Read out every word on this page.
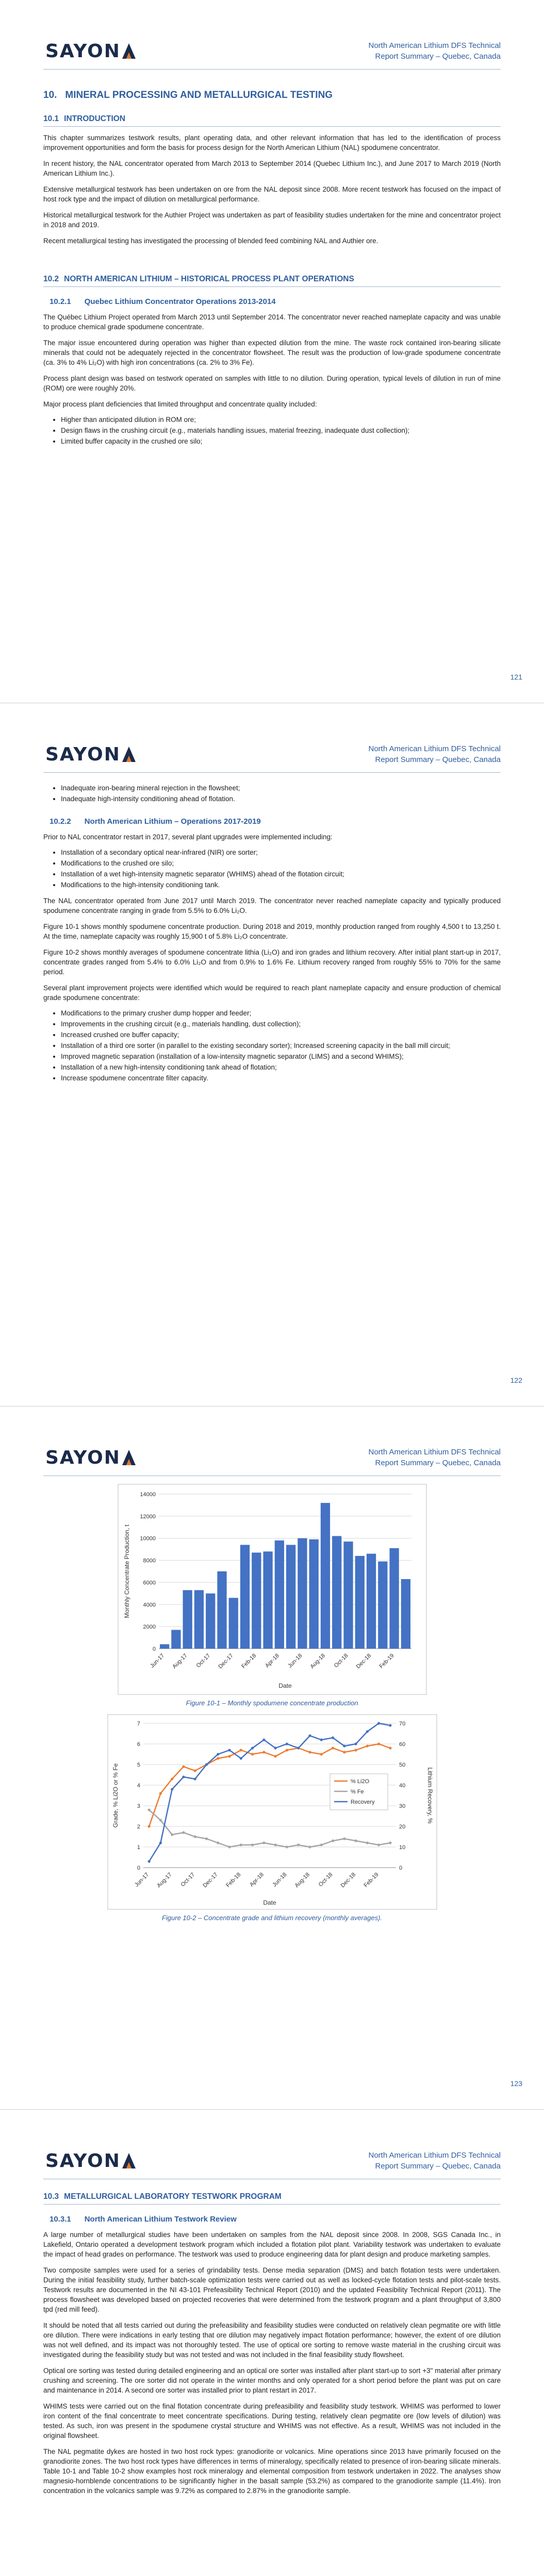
SAYON	North American Lithium DFS Technical
Report Summary – Quebec, Canada
10. MINERAL PROCESSING AND METALLURGICAL TESTING
10.1 INTRODUCTION

This chapter summarizes testwork results, plant operating data, and other relevant information that has led to the identification of process improvement opportunities and form the basis for process design for the North American Lithium (NAL) spodumene concentrator.

In recent history, the NAL concentrator operated from March 2013 to September 2014 (Quebec Lithium Inc.), and June 2017 to March 2019 (North American Lithium Inc.).

Extensive metallurgical testwork has been undertaken on ore from the NAL deposit since 2008. More recent testwork has focused on the impact of host rock type and the impact of dilution on metallurgical performance.

Historical metallurgical testwork for the Authier Project was undertaken as part of feasibility studies undertaken for the mine and concentrator project in 2018 and 2019.

Recent metallurgical testing has investigated the processing of blended feed combining NAL and Authier ore.

10.2 NORTH AMERICAN LITHIUM – HISTORICAL PROCESS PLANT OPERATIONS
10.2.1 Quebec Lithium Concentrator Operations 2013-2014

The Québec Lithium Project operated from March 2013 until September 2014. The concentrator never reached nameplate capacity and was unable to produce chemical grade spodumene concentrate.

The major issue encountered during operation was higher than expected dilution from the mine. The waste rock contained iron-bearing silicate minerals that could not be adequately rejected in the concentrator flowsheet. The result was the production of low-grade spodumene concentrate (ca. 3% to 4% Li₂O) with high iron concentrations (ca. 2% to 3% Fe).

Process plant design was based on testwork operated on samples with little to no dilution. During operation, typical levels of dilution in run of mine (ROM) ore were roughly 20%.

Major process plant deficiencies that limited throughput and concentrate quality included:

• Higher than anticipated dilution in ROM ore;
• Design flaws in the crushing circuit (e.g., materials handling issues, material freezing, inadequate dust collection);
• Limited buffer capacity in the crushed ore silo;
121
SAYON	North American Lithium DFS Technical
Report Summary – Quebec, Canada
• Inadequate iron-bearing mineral rejection in the flowsheet;
• Inadequate high-intensity conditioning ahead of flotation.
10.2.2 North American Lithium – Operations 2017-2019

Prior to NAL concentrator restart in 2017, several plant upgrades were implemented including:

• Installation of a secondary optical near-infrared (NIR) ore sorter;
• Modifications to the crushed ore silo;
• Installation of a wet high-intensity magnetic separator (WHIMS) ahead of the flotation circuit;
• Modifications to the high-intensity conditioning tank.

The NAL concentrator operated from June 2017 until March 2019. The concentrator never reached nameplate capacity and typically produced spodumene concentrate ranging in grade from 5.5% to 6.0% Li₂O.

Figure 10-1 shows monthly spodumene concentrate production. During 2018 and 2019, monthly production ranged from roughly 4,500 t to 13,250 t. At the time, nameplate capacity was roughly 15,900 t of 5.8% Li₂O concentrate.

Figure 10-2 shows monthly averages of spodumene concentrate lithia (Li₂O) and iron grades and lithium recovery. After initial plant start-up in 2017, concentrate grades ranged from 5.4% to 6.0% Li₂O and from 0.9% to 1.6% Fe. Lithium recovery ranged from roughly 55% to 70% for the same period.

Several plant improvement projects were identified which would be required to reach plant nameplate capacity and ensure production of chemical grade spodumene concentrate:

• Modifications to the primary crusher dump hopper and feeder;
• Improvements in the crushing circuit (e.g., materials handling, dust collection);
• Increased crushed ore buffer capacity;
• Installation of a third ore sorter (in parallel to the existing secondary sorter); Increased screening capacity in the ball mill circuit;
• Improved magnetic separation (installation of a low-intensity magnetic separator (LIMS) and a second WHIMS);
• Installation of a new high-intensity conditioning tank ahead of flotation;
• Increase spodumene concentrate filter capacity.
122
SAYON	North American Lithium DFS Technical
Report Summary – Quebec, Canada
0
2000
4000
6000
8000
10000
12000
14000
Jun-17 Aug-17 Oct-17 Dec-17 Feb-18 Apr-18 Jun-18 Aug-18 Oct-18 Dec-18 Feb-19
Date
Monthly Concentrate Production, t
Figure 10-1 – Monthly spodumene concentrate production
0
1
2
3
4
5
6
7
0
10
20
30
40
50
60
70
Jun-17 Aug-17 Oct-17 Dec-17 Feb-18 Apr-18 Jun-18 Aug-18 Oct-18 Dec-18 Feb-19
Date
Grade, % Li2O or % Fe	Lithium Recovery, %
% Li2O
% Fe
Recovery
Figure 10-2 – Concentrate grade and lithium recovery (monthly averages).
123
SAYON	North American Lithium DFS Technical
Report Summary – Quebec, Canada
10.3 METALLURGICAL LABORATORY TESTWORK PROGRAM
10.3.1 North American Lithium Testwork Review

A large number of metallurgical studies have been undertaken on samples from the NAL deposit since 2008. In 2008, SGS Canada Inc., in Lakefield, Ontario operated a development testwork program which included a flotation pilot plant. Variability testwork was undertaken to evaluate the impact of head grades on performance. The testwork was used to produce engineering data for plant design and produce marketing samples.

Two composite samples were used for a series of grindability tests. Dense media separation (DMS) and batch flotation tests were undertaken. During the initial feasibility study, further batch-scale optimization tests were carried out as well as locked-cycle flotation tests and pilot-scale tests. Testwork results are documented in the NI 43-101 Prefeasibility Technical Report (2010) and the updated Feasibility Technical Report (2011). The process flowsheet was developed based on projected recoveries that were determined from the testwork program and a plant throughput of 3,800 tpd (red mill feed).

It should be noted that all tests carried out during the prefeasibility and feasibility studies were conducted on relatively clean pegmatite ore with little ore dilution. There were indications in early testing that ore dilution may negatively impact flotation performance; however, the extent of ore dilution was not well defined, and its impact was not thoroughly tested. The use of optical ore sorting to remove waste material in the crushing circuit was investigated during the feasibility study but was not tested and was not included in the final feasibility study flowsheet.

Optical ore sorting was tested during detailed engineering and an optical ore sorter was installed after plant start-up to sort +3" material after primary crushing and screening. The ore sorter did not operate in the winter months and only operated for a short period before the plant was put on care and maintenance in 2014. A second ore sorter was installed prior to plant restart in 2017.

WHIMS tests were carried out on the final flotation concentrate during prefeasibility and feasibility study testwork. WHIMS was performed to lower iron content of the final concentrate to meet concentrate specifications. During testing, relatively clean pegmatite ore (low levels of dilution) was tested. As such, iron was present in the spodumene crystal structure and WHIMS was not effective. As a result, WHIMS was not included in the original flowsheet.

The NAL pegmatite dykes are hosted in two host rock types: granodiorite or volcanics. Mine operations since 2013 have primarily focused on the granodiorite zones. The two host rock types have differences in terms of mineralogy, specifically related to presence of iron-bearing silicate minerals. Table 10-1 and Table 10-2 show examples host rock mineralogy and elemental composition from testwork undertaken in 2022. The analyses show magnesio-hornblende concentrations to be significantly higher in the basalt sample (53.2%) as compared to the granodiorite sample (11.4%). Iron concentration in the volcanics sample was 9.72% as compared to 2.87% in the granodiorite sample.
